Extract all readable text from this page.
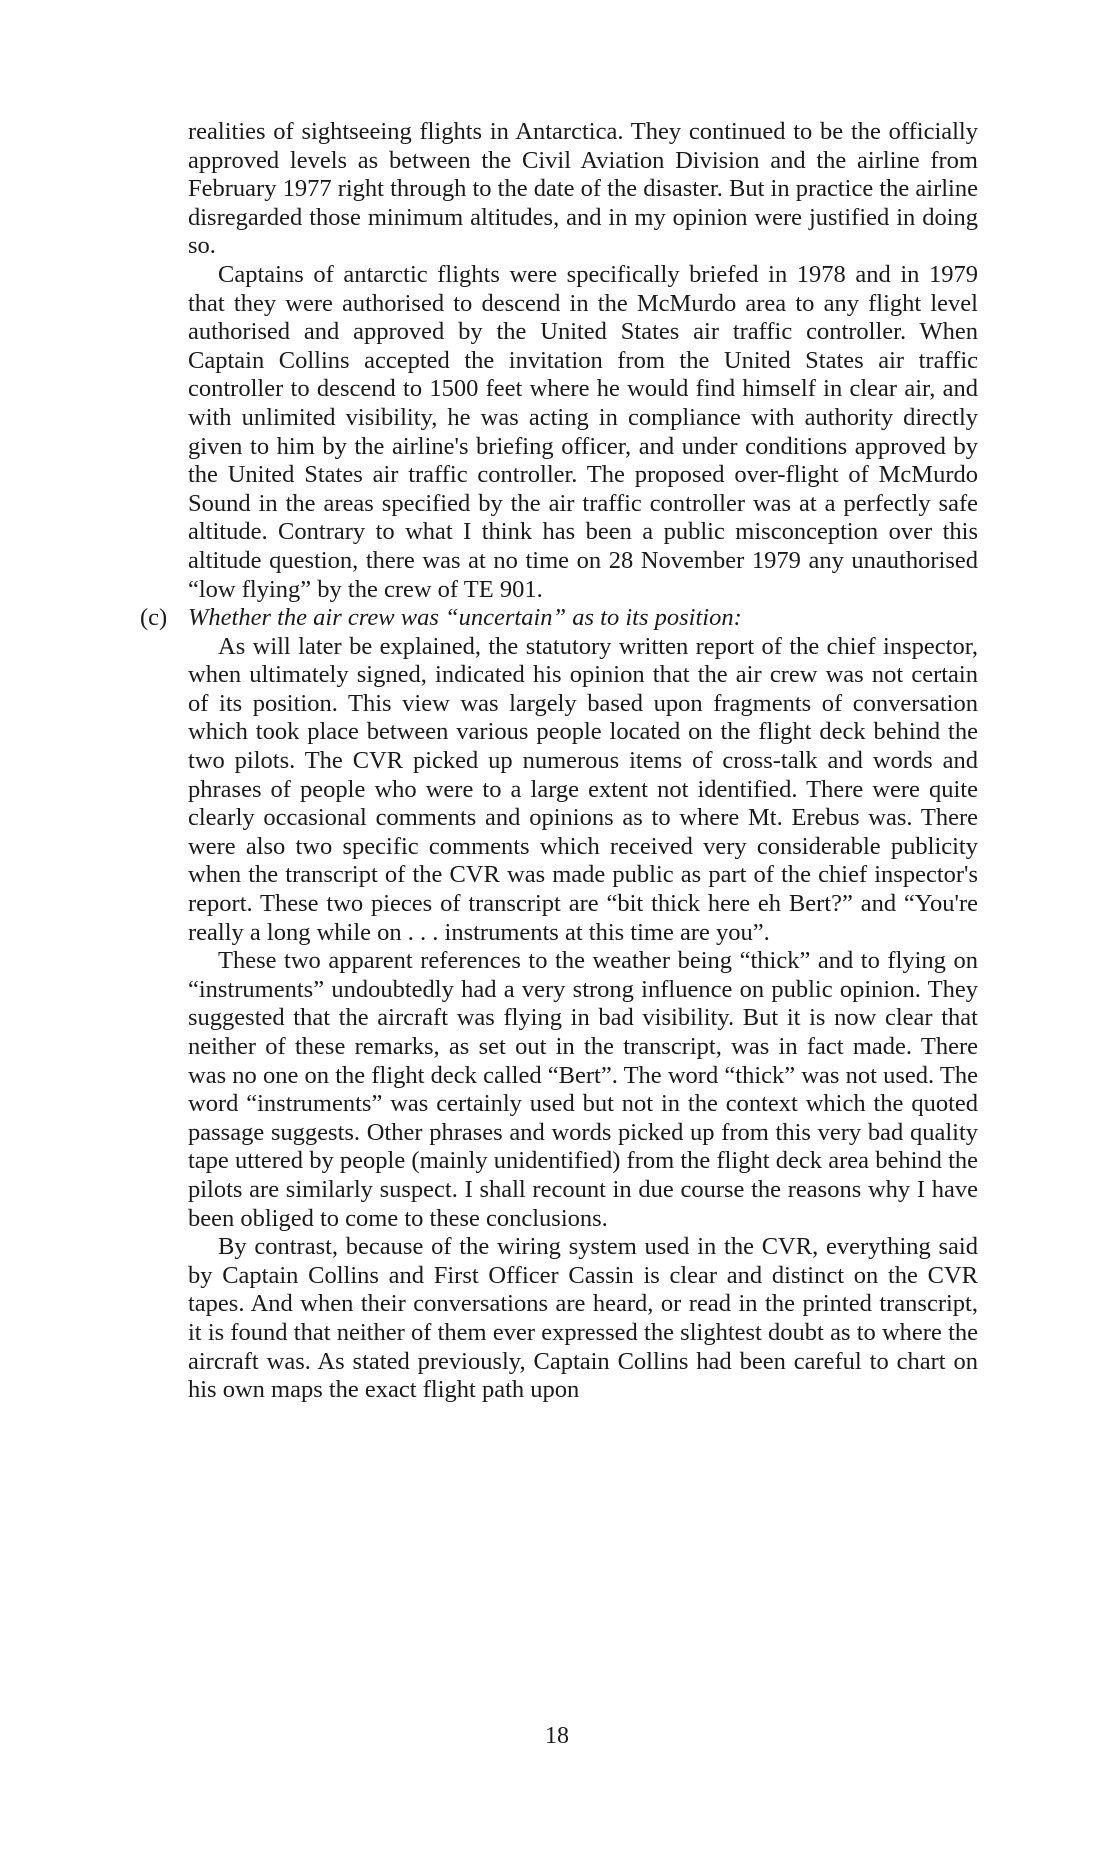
realities of sightseeing flights in Antarctica. They continued to be the officially approved levels as between the Civil Aviation Division and the airline from February 1977 right through to the date of the disaster. But in practice the airline disregarded those minimum altitudes, and in my opinion were justified in doing so.

Captains of antarctic flights were specifically briefed in 1978 and in 1979 that they were authorised to descend in the McMurdo area to any flight level authorised and approved by the United States air traffic controller. When Captain Collins accepted the invitation from the United States air traffic controller to descend to 1500 feet where he would find himself in clear air, and with unlimited visibility, he was acting in compliance with authority directly given to him by the airline's briefing officer, and under conditions approved by the United States air traffic controller. The proposed over-flight of McMurdo Sound in the areas specified by the air traffic controller was at a perfectly safe altitude. Contrary to what I think has been a public misconception over this altitude question, there was at no time on 28 November 1979 any unauthorised “low flying” by the crew of TE 901.

(c) Whether the air crew was “uncertain” as to its position:

As will later be explained, the statutory written report of the chief inspector, when ultimately signed, indicated his opinion that the air crew was not certain of its position. This view was largely based upon fragments of conversation which took place between various people located on the flight deck behind the two pilots. The CVR picked up numerous items of cross-talk and words and phrases of people who were to a large extent not identified. There were quite clearly occasional comments and opinions as to where Mt. Erebus was. There were also two specific comments which received very considerable publicity when the transcript of the CVR was made public as part of the chief inspector's report. These two pieces of transcript are “bit thick here eh Bert?” and “You're really a long while on . . . instruments at this time are you”.

These two apparent references to the weather being “thick” and to flying on “instruments” undoubtedly had a very strong influence on public opinion. They suggested that the aircraft was flying in bad visibility. But it is now clear that neither of these remarks, as set out in the transcript, was in fact made. There was no one on the flight deck called “Bert”. The word “thick” was not used. The word “instruments” was certainly used but not in the context which the quoted passage suggests. Other phrases and words picked up from this very bad quality tape uttered by people (mainly unidentified) from the flight deck area behind the pilots are similarly suspect. I shall recount in due course the reasons why I have been obliged to come to these conclusions.

By contrast, because of the wiring system used in the CVR, everything said by Captain Collins and First Officer Cassin is clear and distinct on the CVR tapes. And when their conversations are heard, or read in the printed transcript, it is found that neither of them ever expressed the slightest doubt as to where the aircraft was. As stated previously, Captain Collins had been careful to chart on his own maps the exact flight path upon

18
